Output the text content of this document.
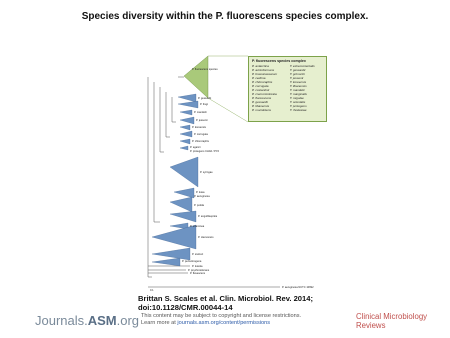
Species diversity within the P. fluorescens species complex.
P. fluorescens species
P. gessardii
P. fragi
P. mandelii
P. jessenii
P. koreensis
P. corrugata
P. chlororaphis
P. agarici
P. protegens CHA0 / Pf-5
P. syringae
P. lutea
P. aeruginosa
P. putida
P. anguilliseptica
P. straminea
P. oleovorans
P. stutzeri
P. pertucinogena
P. luteola
P. psychrotolerans
P. flavescens
P. aeruginosa NCTC 10692
0.1
P. fluorescens species complex
P. antarctica	P. extremorientalis
P. azotoformans	P. gessardii
P. brassicacearum	P. grimontii
P. cedrina	P. jessenii
P. chlororaphis	P. koreensis
P. corrugata	P. libanensis
P. costantinii	P. mandelii
P. cremoricolorata	P. marginalis
P. fluorescens	P. migulae
P. gessardii	P. orientalis
P. libanensis	P. protegens
P. mucidolens	P. rhodesiae
Brittan S. Scales et al. Clin. Microbiol. Rev. 2014;
doi:10.1128/CMR.00044-14
Journals.ASM.org This content may be subject to copyright and license restrictions.
Learn more at journals.asm.org/content/permissions
Clinical Microbiology
Reviews
